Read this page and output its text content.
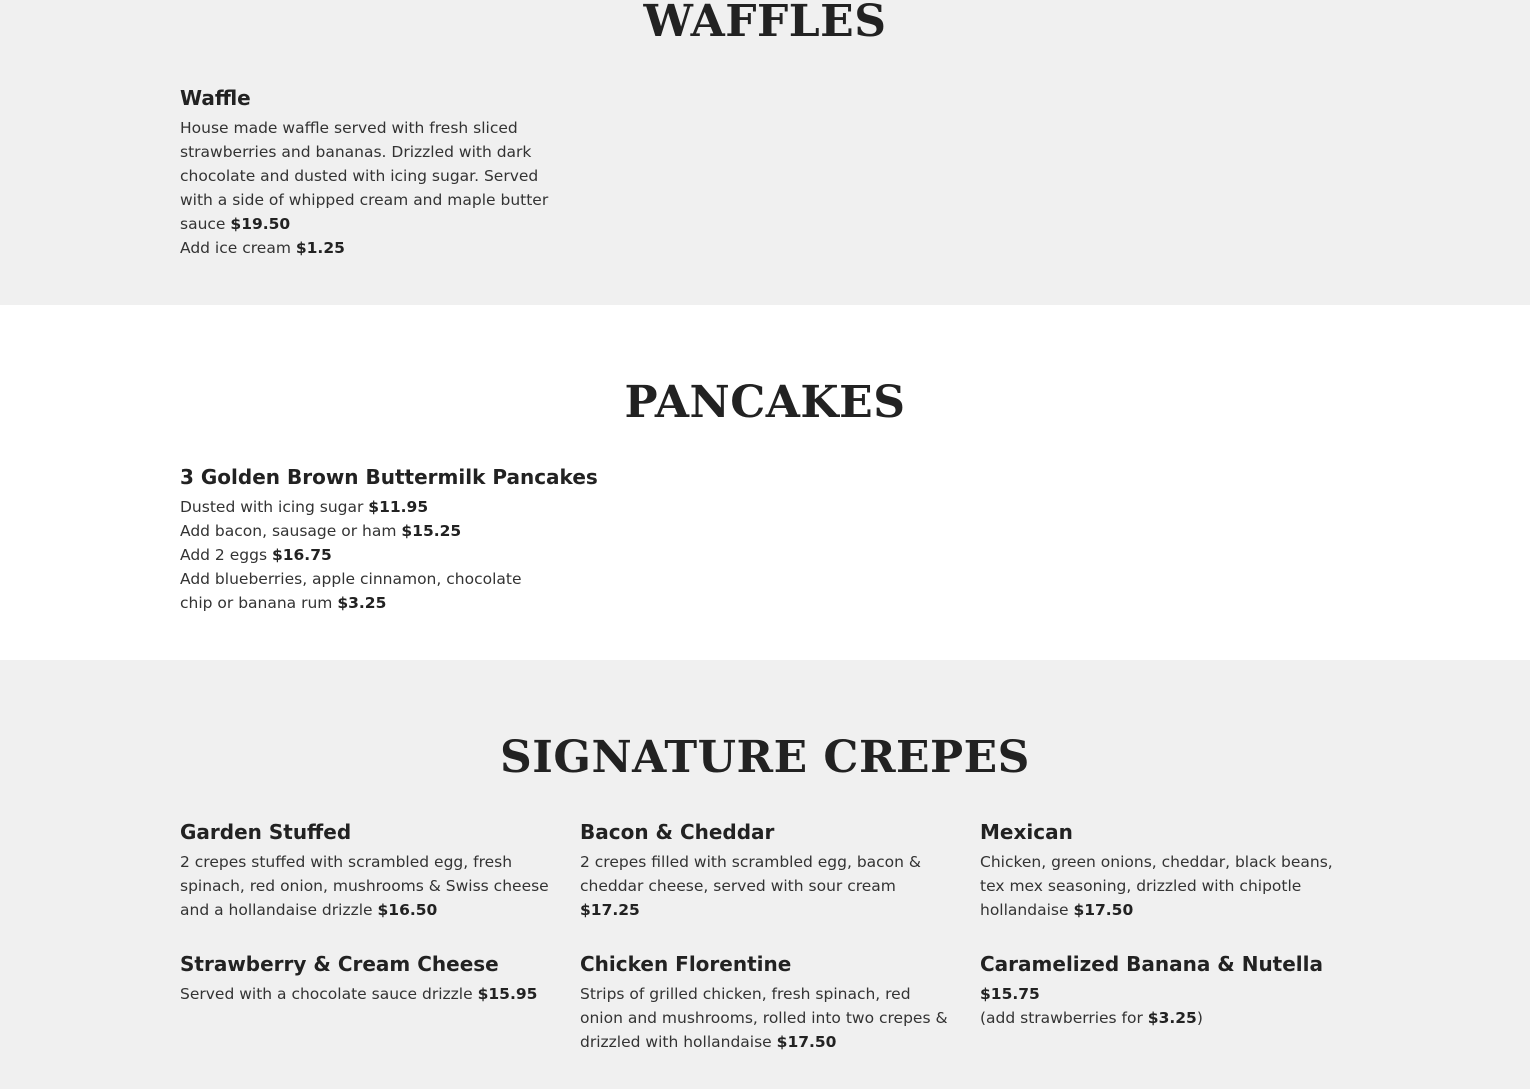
WAFFLES

Waffle

House made waffle served with fresh sliced strawberries and bananas. Drizzled with dark chocolate and dusted with icing sugar. Served with a side of whipped cream and maple butter sauce $19.50

Add ice cream $1.25

PANCAKES

3 Golden Brown Buttermilk Pancakes

Dusted with icing sugar $11.95

Add bacon, sausage or ham $15.25

Add 2 eggs $16.75

Add blueberries, apple cinnamon, chocolate chip or banana rum $3.25

SIGNATURE CREPES

Garden Stuffed

2 crepes stuffed with scrambled egg, fresh spinach, red onion, mushrooms & Swiss cheese and a hollandaise drizzle $16.50

Bacon & Cheddar

2 crepes filled with scrambled egg, bacon & cheddar cheese, served with sour cream $17.25

Mexican

Chicken, green onions, cheddar, black beans, tex mex seasoning, drizzled with chipotle hollandaise $17.50

Strawberry & Cream Cheese

Served with a chocolate sauce drizzle $15.95

Chicken Florentine

Strips of grilled chicken, fresh spinach, red onion and mushrooms, rolled into two crepes & drizzled with hollandaise $17.50

Caramelized Banana & Nutella

$15.75

(add strawberries for $3.25)
